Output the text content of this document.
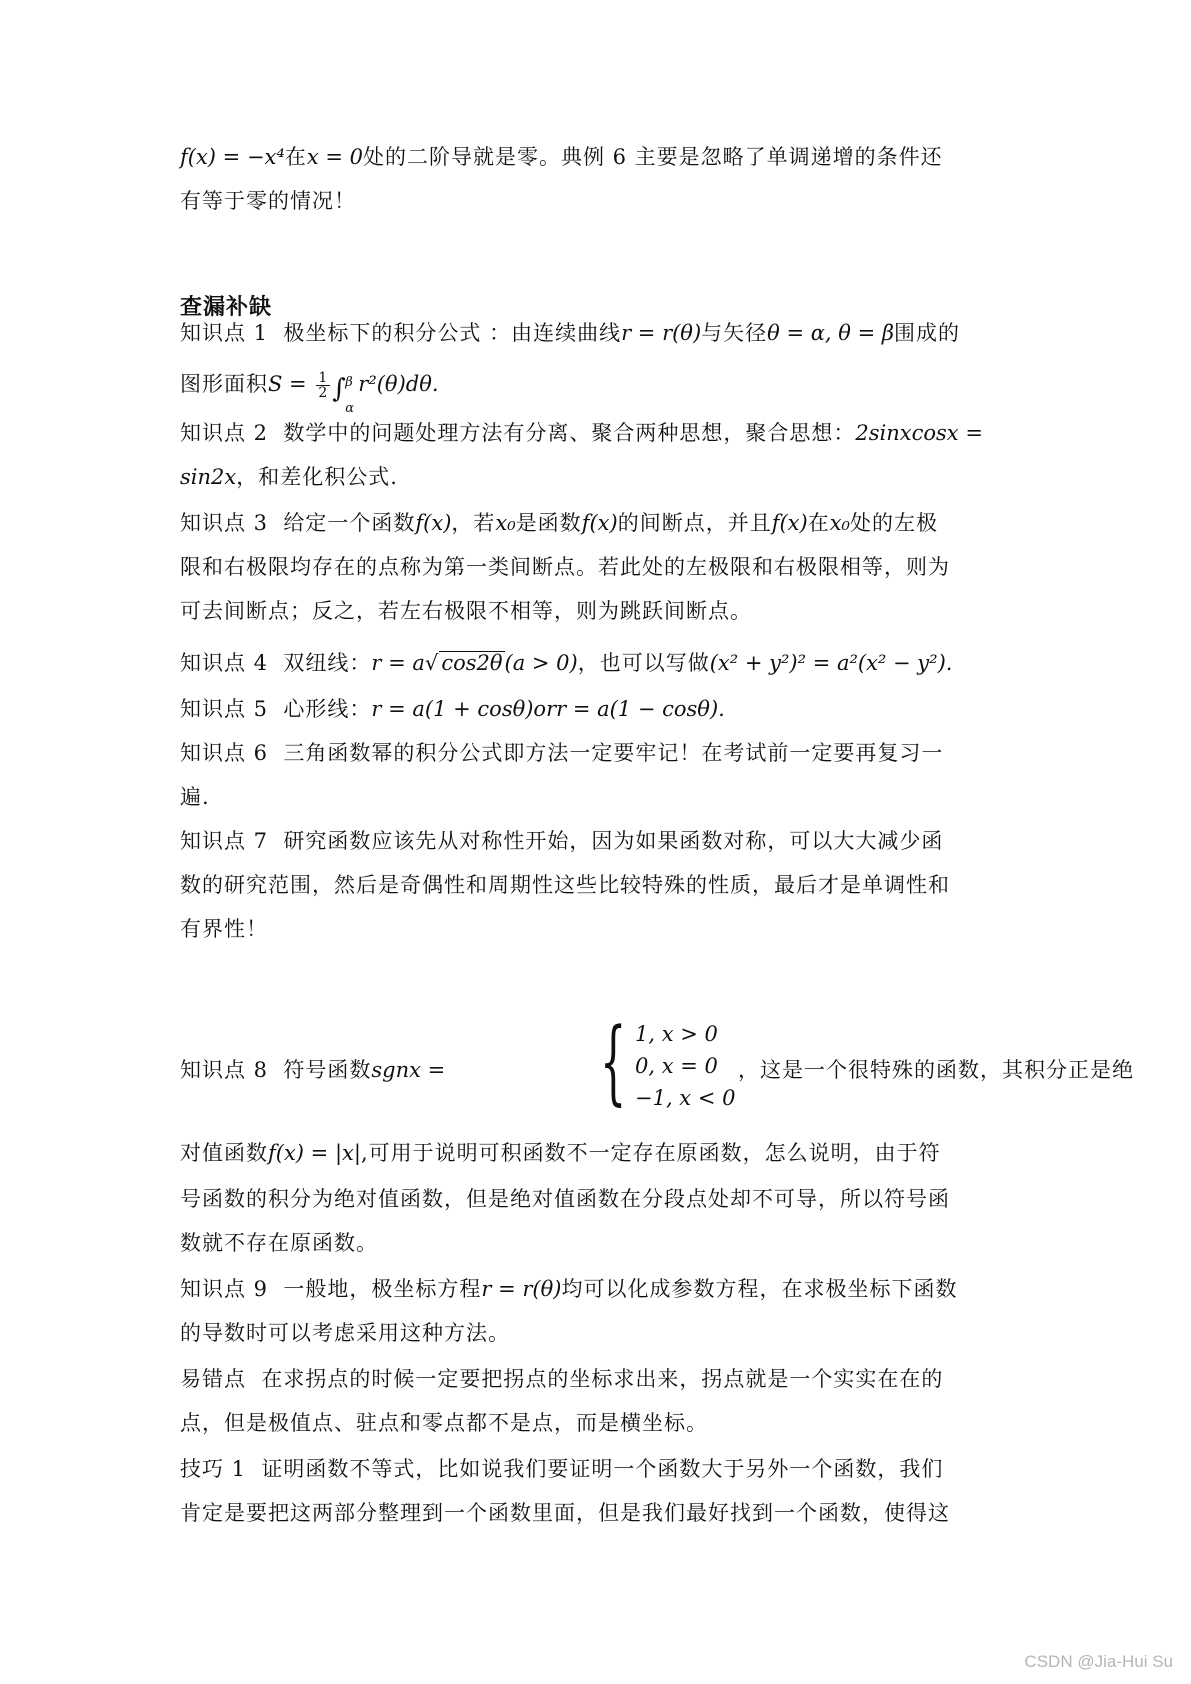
f(x) = −x⁴在x = 0处的二阶导就是零。典例 6 主要是忽略了单调递增的条件还
有等于零的情况！
查漏补缺
知识点 1 极坐标下的积分公式 ：由连续曲线r = r(θ)与矢径θ = α, θ = β围成的
图形面积$S = \frac{1}{2}$ ∫
β
α
r²(θ)dθ.
知识点 2 数学中的问题处理方法有分离、聚合两种思想，聚合思想：2sinxcosx =
sin2x，和差化积公式.
知识点 3 给定一个函数f(x)，若x₀是函数f(x)的间断点，并且f(x)在x₀处的左极
限和右极限均存在的点称为第一类间断点。若此处的左极限和右极限相等，则为
可去间断点；反之，若左右极限不相等，则为跳跃间断点。
知识点 4 双纽线：r = a√cos2θ(a > 0)，也可以写做(x² + y²)² = a²(x² − y²).
知识点 5 心形线：r = a(1 + cosθ)orr = a(1 − cosθ).
知识点 6 三角函数幂的积分公式即方法一定要牢记！在考试前一定要再复习一
遍.
知识点 7 研究函数应该先从对称性开始，因为如果函数对称，可以大大减少函
数的研究范围，然后是奇偶性和周期性这些比较特殊的性质，最后才是单调性和
有界性！
知识点 8 符号函数sgnx = { 1, x > 0
0, x = 0
−1, x < 0
，这是一个很特殊的函数，其积分正是绝
对值函数f(x) = |x|,可用于说明可积函数不一定存在原函数，怎么说明，由于符
号函数的积分为绝对值函数，但是绝对值函数在分段点处却不可导，所以符号函
数就不存在原函数。
知识点 9 一般地，极坐标方程r = r(θ)均可以化成参数方程，在求极坐标下函数
的导数时可以考虑采用这种方法。
易错点 在求拐点的时候一定要把拐点的坐标求出来，拐点就是一个实实在在的
点，但是极值点、驻点和零点都不是点，而是横坐标。
技巧 1 证明函数不等式，比如说我们要证明一个函数大于另外一个函数，我们
肯定是要把这两部分整理到一个函数里面，但是我们最好找到一个函数，使得这
CSDN @Jia-Hui Su
